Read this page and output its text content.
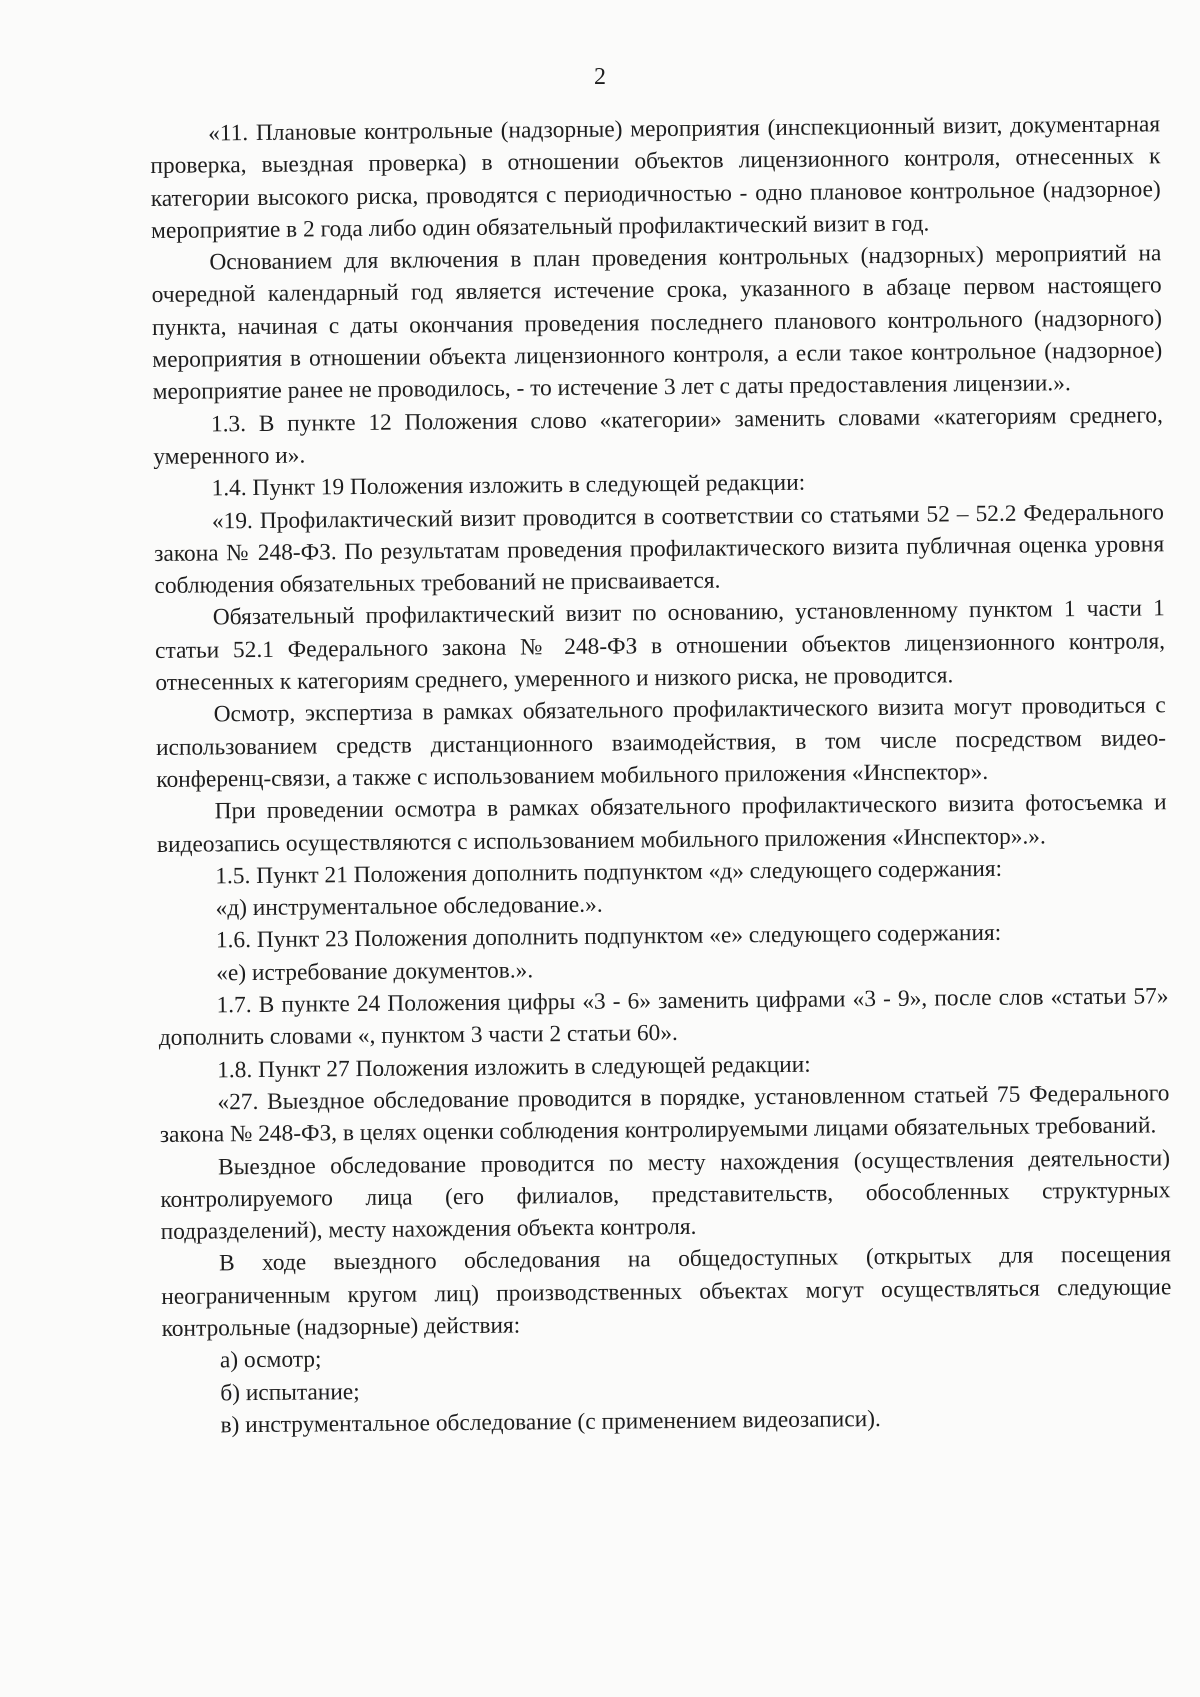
2

«11. Плановые контрольные (надзорные) мероприятия (инспекционный визит, документарная проверка, выездная проверка) в отношении объектов лицензионного контроля, отнесенных к категории высокого риска, проводятся с периодичностью - одно плановое контрольное (надзорное) мероприятие в 2 года либо один обязательный профилактический визит в год.

Основанием для включения в план проведения контрольных (надзорных) мероприятий на очередной календарный год является истечение срока, указанного в абзаце первом настоящего пункта, начиная с даты окончания проведения последнего планового контрольного (надзорного) мероприятия в отношении объекта лицензионного контроля, а если такое контрольное (надзорное) мероприятие ранее не проводилось, - то истечение 3 лет с даты предоставления лицензии.».

1.3. В пункте 12 Положения слово «категории» заменить словами «категориям среднего, умеренного и».

1.4. Пункт 19 Положения изложить в следующей редакции:

«19. Профилактический визит проводится в соответствии со статьями 52 – 52.2 Федерального закона № 248-ФЗ. По результатам проведения профилактического визита публичная оценка уровня соблюдения обязательных требований не присваивается.

Обязательный профилактический визит по основанию, установленному пунктом 1 части 1 статьи 52.1 Федерального закона № 248-ФЗ в отношении объектов лицензионного контроля, отнесенных к категориям среднего, умеренного и низкого риска, не проводится.

Осмотр, экспертиза в рамках обязательного профилактического визита могут проводиться с использованием средств дистанционного взаимодействия, в том числе посредством видео-конференц-связи, а также с использованием мобильного приложения «Инспектор».

При проведении осмотра в рамках обязательного профилактического визита фотосъемка и видеозапись осуществляются с использованием мобильного приложения «Инспектор».».

1.5. Пункт 21 Положения дополнить подпунктом «д» следующего содержания:

«д) инструментальное обследование.».

1.6. Пункт 23 Положения дополнить подпунктом «е» следующего содержания:

«е) истребование документов.».

1.7. В пункте 24 Положения цифры «3 - 6» заменить цифрами «3 - 9», после слов «статьи 57» дополнить словами «, пунктом 3 части 2 статьи 60».

1.8. Пункт 27 Положения изложить в следующей редакции:

«27. Выездное обследование проводится в порядке, установленном статьей 75 Федерального закона № 248-ФЗ, в целях оценки соблюдения контролируемыми лицами обязательных требований.

Выездное обследование проводится по месту нахождения (осуществления деятельности) контролируемого лица (его филиалов, представительств, обособленных структурных подразделений), месту нахождения объекта контроля.

В ходе выездного обследования на общедоступных (открытых для посещения неограниченным кругом лиц) производственных объектах могут осуществляться следующие контрольные (надзорные) действия:

а) осмотр;

б) испытание;

в) инструментальное обследование (с применением видеозаписи).
